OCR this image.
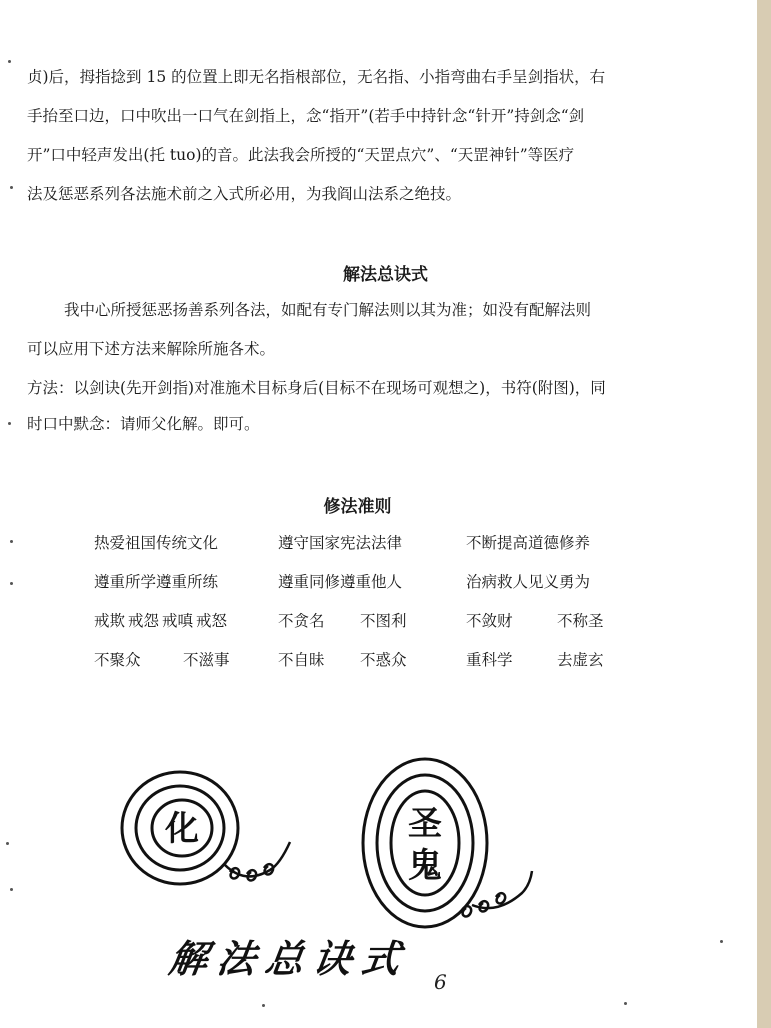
贞)后，拇指捻到 15 的位置上即无名指根部位，无名指、小指弯曲右手呈剑指状，右
手抬至口边，口中吹出一口气在剑指上，念“指开”(若手中持针念“针开”持剑念“剑
开”口中轻声发出(托 tuo)的音。此法我会所授的“天罡点穴”、“天罡神针”等医疗
法及惩恶系列各法施术前之入式所必用，为我阎山法系之绝技。
解法总诀式
我中心所授惩恶扬善系列各法，如配有专门解法则以其为准；如没有配解法则
可以应用下述方法来解除所施各术。
方法：以剑诀(先开剑指)对准施术目标身后(目标不在现场可观想之)，书符(附图)，同
时口中默念：请师父化解。即可。
修法准则
热爱祖国传统文化	遵守国家宪法法律	不断提高道德修养
遵重所学遵重所练	遵重同修遵重他人	治病救人见义勇为
戒欺 戒怨 戒嗔 戒怒	不贪名 不图利	不敛财	不称圣
不聚众	不滋事	不自昧 不惑众	重科学	去虚玄
化	圣
鬼
解法总诀式
6
